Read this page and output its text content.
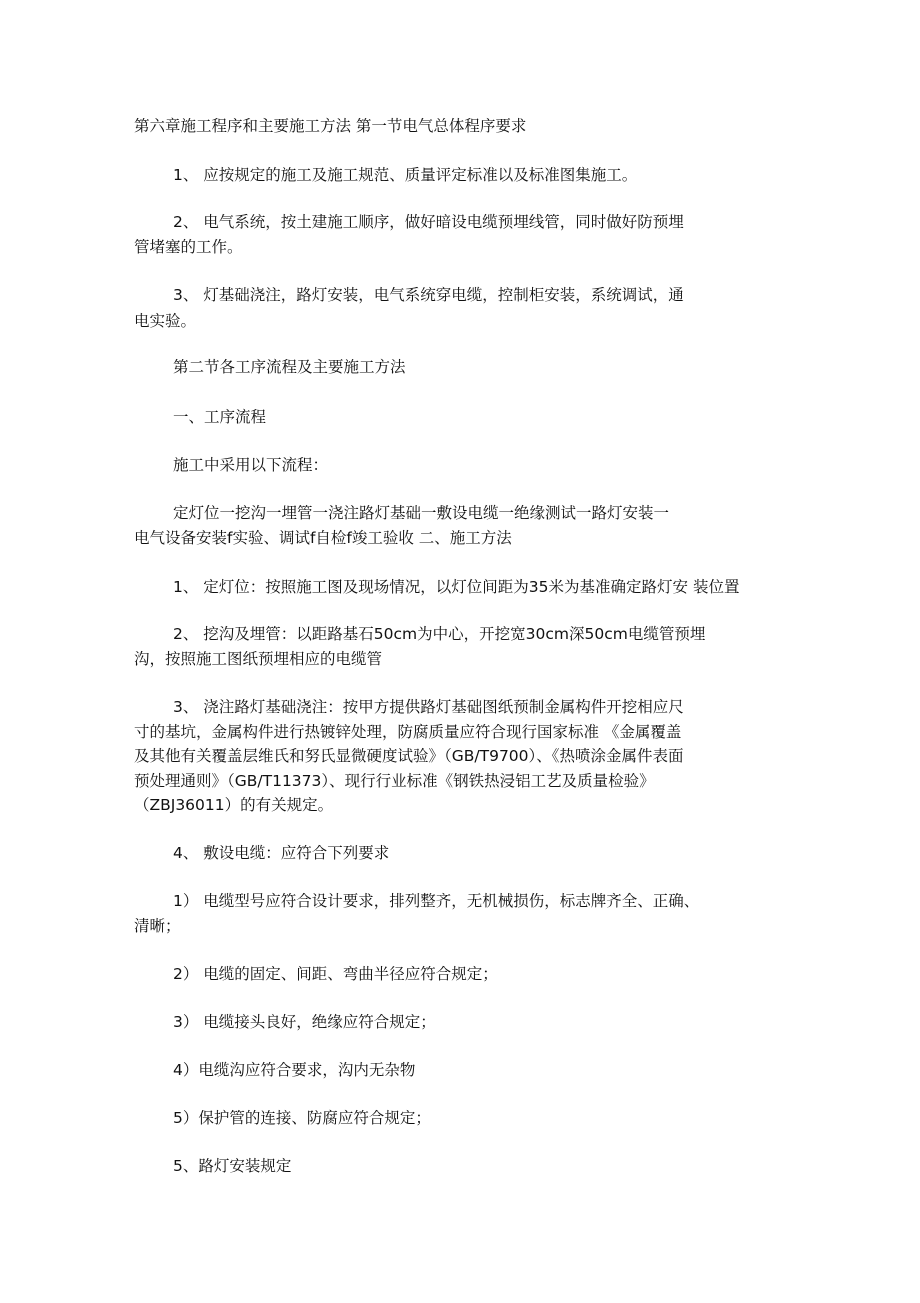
第六章施工程序和主要施工方法 第一节电气总体程序要求
1、 应按规定的施工及施工规范、质量评定标准以及标准图集施工。
2、 电气系统，按土建施工顺序，做好暗设电缆预埋线管，同时做好防预埋
管堵塞的工作。
3、 灯基础浇注，路灯安装，电气系统穿电缆，控制柜安装，系统调试，通
电实验。
第二节各工序流程及主要施工方法
一、工序流程
施工中采用以下流程：
定灯位一挖沟一埋管一浇注路灯基础一敷设电缆一绝缘测试一路灯安装一
电气设备安装f实验、调试f自检f竣工验收 二、施工方法
1、 定灯位：按照施工图及现场情况，以灯位间距为35米为基准确定路灯安 装位置
2、 挖沟及埋管：以距路基石50cm为中心，开挖宽30cm深50cm电缆管预埋
沟，按照施工图纸预埋相应的电缆管
3、 浇注路灯基础浇注：按甲方提供路灯基础图纸预制金属构件开挖相应尺
寸的基坑，金属构件进行热镀锌处理，防腐质量应符合现行国家标准 《金属覆盖
及其他有关覆盖层维氏和努氏显微硬度试验》（GB/T9700）、《热喷涂金属件表面
预处理通则》（GB/T11373）、现行行业标准《钢铁热浸铝工艺及质量检验》
（ZBJ36011）的有关规定。
4、 敷设电缆：应符合下列要求
1） 电缆型号应符合设计要求，排列整齐，无机械损伤，标志牌齐全、正确、
清晰；
2） 电缆的固定、间距、弯曲半径应符合规定；
3） 电缆接头良好，绝缘应符合规定；
4）电缆沟应符合要求，沟内无杂物
5）保护管的连接、防腐应符合规定；
5、路灯安装规定
